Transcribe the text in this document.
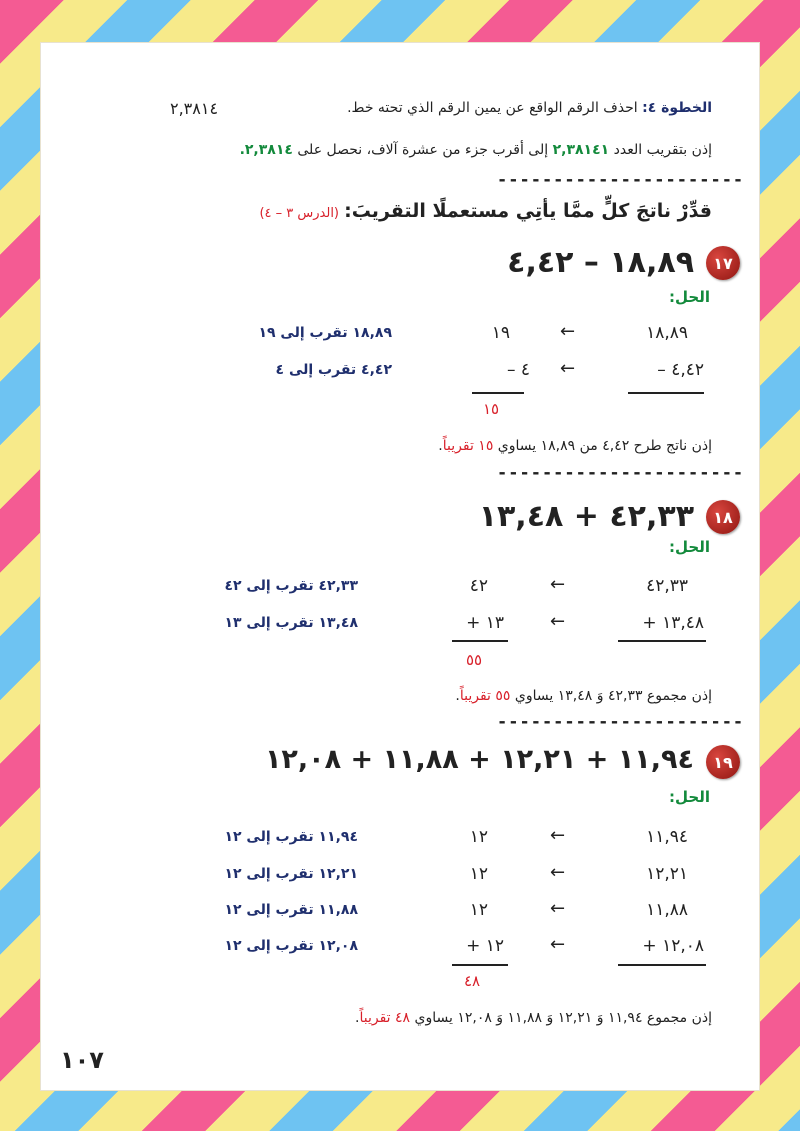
الخطوة ٤: احذف الرقم الواقع عن يمين الرقم الذي تحته خط.
٢,٣٨١٤
إذن بتقريب العدد ٢,٣٨١٤١ إلى أقرب جزء من عشرة آلاف، نحصل على ٢,٣٨١٤.
----------------------
قدِّرْ ناتجَ كلٍّ ممَّا يأتِي مستعملًا التقريبَ: (الدرس ٣ – ٤)
١٧
١٨,٨٩ – ٤,٤٢
الحل:
١٨,٨٩
←
١٩
١٨,٨٩ تقرب إلى ١٩
– ٤,٤٢
←
– ٤
٤,٤٢ تقرب إلى ٤
١٥
إذن ناتج طرح ٤,٤٢ من ١٨,٨٩ يساوي ١٥ تقريباً.
----------------------
١٨
٤٢,٣٣ + ١٣,٤٨
الحل:
٤٢,٣٣
←
٤٢
٤٢,٣٣ تقرب إلى ٤٢
+ ١٣,٤٨
←
+ ١٣
١٣,٤٨ تقرب إلى ١٣
٥٥
إذن مجموع ٤٢,٣٣ وَ ١٣,٤٨ يساوي ٥٥ تقريباً.
----------------------
١٩
١١,٩٤ + ١٢,٢١ + ١١,٨٨ + ١٢,٠٨
الحل:
١١,٩٤
←
١٢
١١,٩٤ تقرب إلى ١٢
١٢,٢١
←
١٢
١٢,٢١ تقرب إلى ١٢
١١,٨٨
←
١٢
١١,٨٨ تقرب إلى ١٢
+ ١٢,٠٨
←
+ ١٢
١٢,٠٨ تقرب إلى ١٢
٤٨
إذن مجموع ١١,٩٤ وَ ١٢,٢١ وَ ١١,٨٨ وَ ١٢,٠٨ يساوي ٤٨ تقريباً.
١٠٧
